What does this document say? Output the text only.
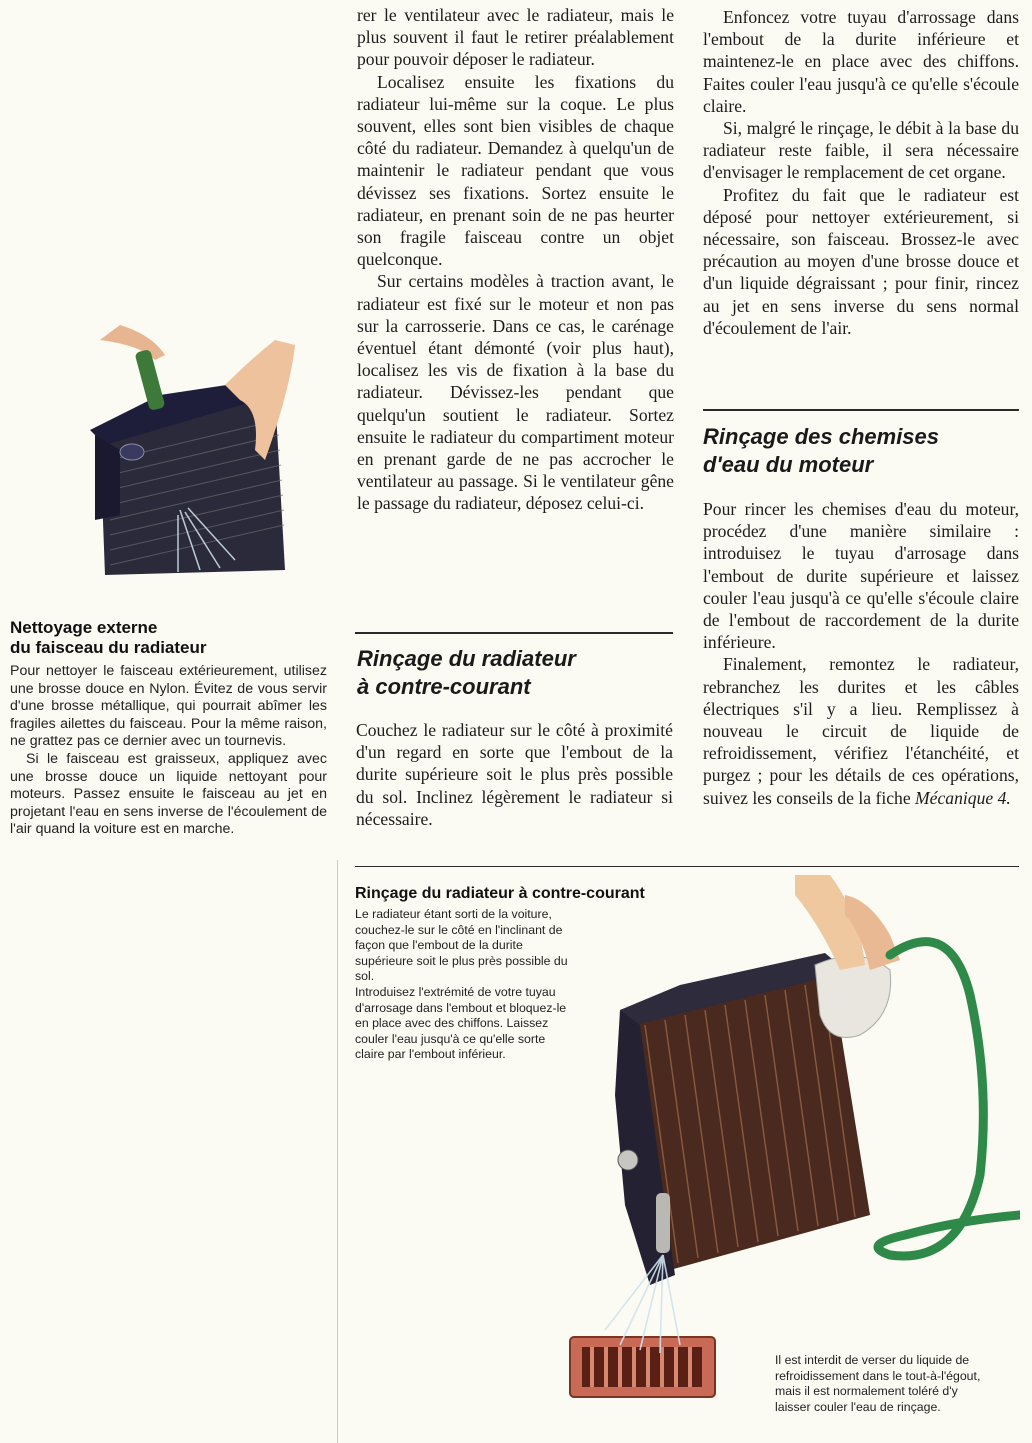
rer le ventilateur avec le radiateur, mais le plus souvent il faut le retirer préalablement pour pouvoir déposer le radiateur.

Localisez ensuite les fixations du radiateur lui-même sur la coque. Le plus souvent, elles sont bien visibles de chaque côté du radiateur. Demandez à quelqu'un de maintenir le radiateur pendant que vous dévissez ses fixations. Sortez ensuite le radiateur, en prenant soin de ne pas heurter son fragile faisceau contre un objet quelconque.

Sur certains modèles à traction avant, le radiateur est fixé sur le moteur et non pas sur la carrosserie. Dans ce cas, le carénage éventuel étant démonté (voir plus haut), localisez les vis de fixation à la base du radiateur. Dévissez-les pendant que quelqu'un soutient le radiateur. Sortez ensuite le radiateur du compartiment moteur en prenant garde de ne pas accrocher le ventilateur au passage. Si le ventilateur gêne le passage du radiateur, déposez celui-ci.

Rinçage du radiateur
à contre-courant

Couchez le radiateur sur le côté à proximité d'un regard en sorte que l'embout de la durite supérieure soit le plus près possible du sol. Inclinez légèrement le radiateur si nécessaire.

Enfoncez votre tuyau d'arrossage dans l'embout de la durite inférieure et maintenez-le en place avec des chiffons. Faites couler l'eau jusqu'à ce qu'elle s'écoule claire.

Si, malgré le rinçage, le débit à la base du radiateur reste faible, il sera nécessaire d'envisager le remplacement de cet organe.

Profitez du fait que le radiateur est déposé pour nettoyer extérieurement, si nécessaire, son faisceau. Brossez-le avec précaution au moyen d'une brosse douce et d'un liquide dégraissant ; pour finir, rincez au jet en sens inverse du sens normal d'écoulement de l'air.

Rinçage des chemises
d'eau du moteur

Pour rincer les chemises d'eau du moteur, procédez d'une manière similaire : introduisez le tuyau d'arrosage dans l'embout de durite supérieure et laissez couler l'eau jusqu'à ce qu'elle s'écoule claire de l'embout de raccordement de la durite inférieure.

Finalement, remontez le radiateur, rebranchez les durites et les câbles électriques s'il y a lieu. Remplissez à nouveau le circuit de liquide de refroidissement, vérifiez l'étanchéité, et purgez ; pour les détails de ces opérations, suivez les conseils de la fiche Mécanique 4.

Nettoyage externe
du faisceau du radiateur

Pour nettoyer le faisceau extérieurement, utilisez une brosse douce en Nylon. Évitez de vous servir d'une brosse métallique, qui pourrait abîmer les fragiles ailettes du faisceau. Pour la même raison, ne grattez pas ce dernier avec un tournevis.

Si le faisceau est graisseux, appliquez avec une brosse douce un liquide nettoyant pour moteurs. Passez ensuite le faisceau au jet en projetant l'eau en sens inverse de l'écoulement de l'air quand la voiture est en marche.

Rinçage du radiateur à contre-courant

Le radiateur étant sorti de la voiture, couchez-le sur le côté en l'inclinant de façon que l'embout de la durite supérieure soit le plus près possible du sol.

Introduisez l'extrémité de votre tuyau d'arrosage dans l'embout et bloquez-le en place avec des chiffons. Laissez couler l'eau jusqu'à ce qu'elle sorte claire par l'embout inférieur.

Il est interdit de verser du liquide de refroidissement dans le tout-à-l'égout, mais il est normalement toléré d'y laisser couler l'eau de rinçage.
